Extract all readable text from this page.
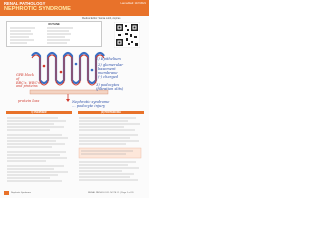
RENAL PATHOLOGY
NEPHROTIC SYNDROME
Last edited: 11/7/2021
Medical Editor: Samia Lubb, Aspiras
OUTLINE
GFB block
of
RBC's, WBC's
and proteins
protein loss
1) Epithelium
2) glomerular
basement
membrane
(-) charged
3) podocytes
(filtration slits)
Nephrotic syndrome
… podocyte injury
I) OVERVIEW	(2) PROTEINURIA
Nephrotic Syndrome	RENAL PATHOLOGY: NOTE #1 | Page 1 of 20
